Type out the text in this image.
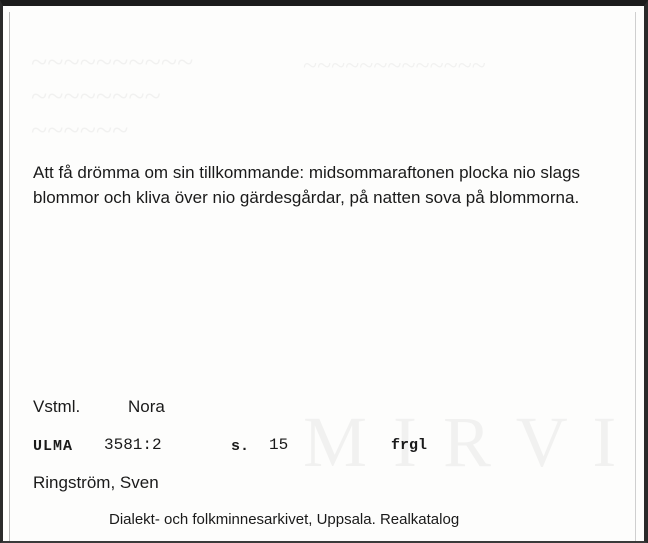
Att få drömma om sin tillkommande: midsommaraftonen plocka nio slags blommor och kliva över nio gärdesgårdar, på natten sova på blommorna.

Vstml.	Nora
ULMA 3581:2	s. 15	frgl
Ringström, Sven
Dialekt- och folkminnesarkivet, Uppsala. Realkatalog
